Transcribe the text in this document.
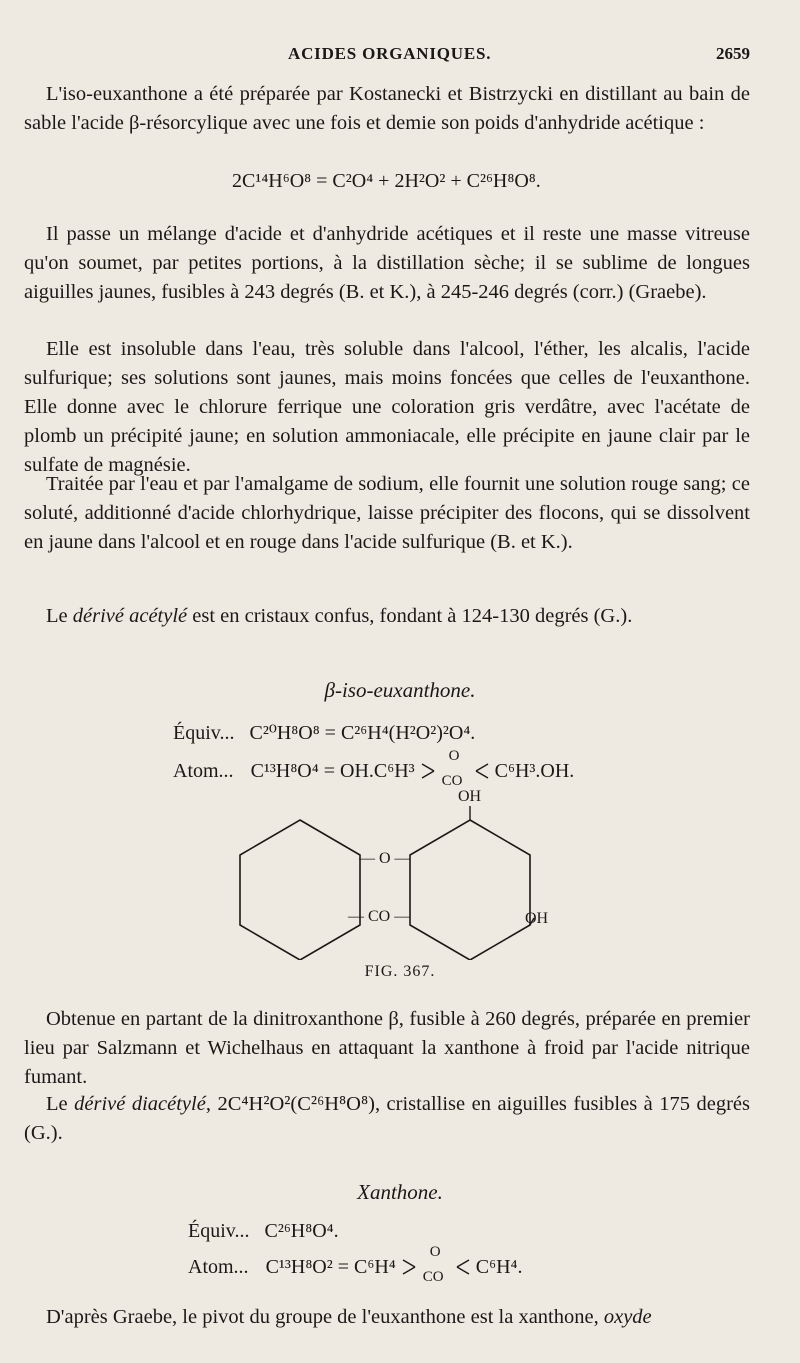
ACIDES ORGANIQUES.	2659

L'iso-euxanthone a été préparée par Kostanecki et Bistrzycki en distillant au bain de sable l'acide β-résorcylique avec une fois et demie son poids d'anhydride acétique :

2C¹⁴H⁶O⁸ = C²O⁴ + 2H²O² + C²⁶H⁸O⁸.

Il passe un mélange d'acide et d'anhydride acétiques et il reste une masse vitreuse qu'on soumet, par petites portions, à la distillation sèche; il se sublime de longues aiguilles jaunes, fusibles à 243 degrés (B. et K.), à 245-246 degrés (corr.) (Graebe).

Elle est insoluble dans l'eau, très soluble dans l'alcool, l'éther, les alcalis, l'acide sulfurique; ses solutions sont jaunes, mais moins foncées que celles de l'euxanthone. Elle donne avec le chlorure ferrique une coloration gris verdâtre, avec l'acétate de plomb un précipité jaune; en solution ammoniacale, elle précipite en jaune clair par le sulfate de magnésie.

Traitée par l'eau et par l'amalgame de sodium, elle fournit une solution rouge sang; ce soluté, additionné d'acide chlorhydrique, laisse précipiter des flocons, qui se dissolvent en jaune dans l'alcool et en rouge dans l'acide sulfurique (B. et K.).

Le dérivé acétylé est en cristaux confus, fondant à 124-130 degrés (G.).

β-iso-euxanthone.
Équiv... C²⁰H⁸O⁸ = C²⁶H⁴(H²O²)²O⁴.
Atom... C¹³H⁸O⁴ = OH.C⁶H³
O
CO C⁶H³.OH.
OH
— O —
— CO —	OH
FIG. 367.

Obtenue en partant de la dinitroxanthone β, fusible à 260 degrés, préparée en premier lieu par Salzmann et Wichelhaus en attaquant la xanthone à froid par l'acide nitrique fumant.

Le dérivé diacétylé, 2C⁴H²O²(C²⁶H⁸O⁸), cristallise en aiguilles fusibles à 175 degrés (G.).

Xanthone.
Équiv... C²⁶H⁸O⁴.
Atom... C¹³H⁸O² = C⁶H⁴
O
CO C⁶H⁴.

D'après Graebe, le pivot du groupe de l'euxanthone est la xanthone, oxyde
